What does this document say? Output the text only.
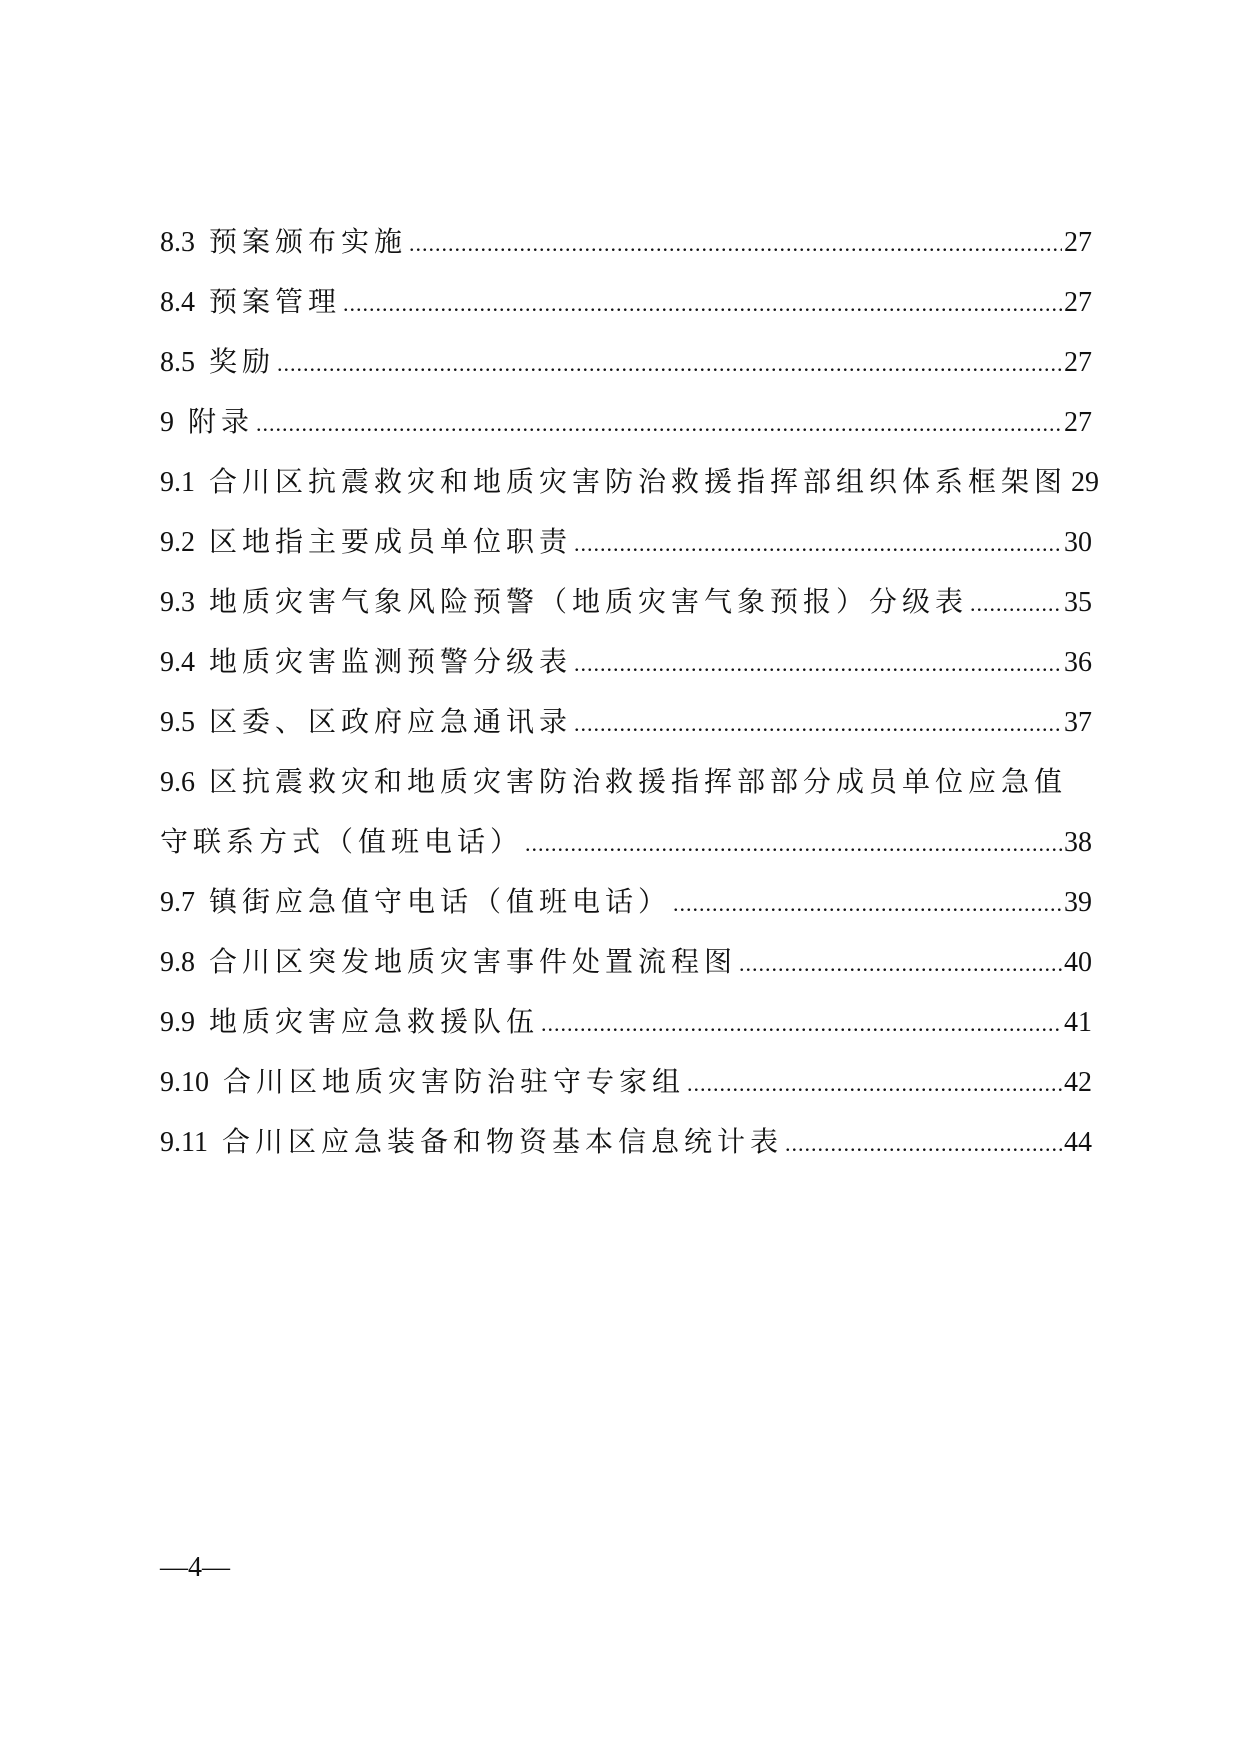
8.3 预案颁布实施 .....	27
8.4 预案管理 .....	27
8.5 奖励 .....	27
9 附录 .....	27
9.1 合川区抗震救灾和地质灾害防治救援指挥部组织体系框架图 29
9.2 区地指主要成员单位职责 .....	30
9.3 地质灾害气象风险预警（地质灾害气象预报）分级表 .....	35
9.4 地质灾害监测预警分级表 .....	36
9.5 区委、区政府应急通讯录 .....	37
9.6 区抗震救灾和地质灾害防治救援指挥部部分成员单位应急值
守联系方式（值班电话） .....	38
9.7 镇街应急值守电话（值班电话） .....	39
9.8 合川区突发地质灾害事件处置流程图 .....	40
9.9 地质灾害应急救援队伍 .....	41
9.10 合川区地质灾害防治驻守专家组 .....	42
9.11 合川区应急装备和物资基本信息统计表 .....	44
—4—
